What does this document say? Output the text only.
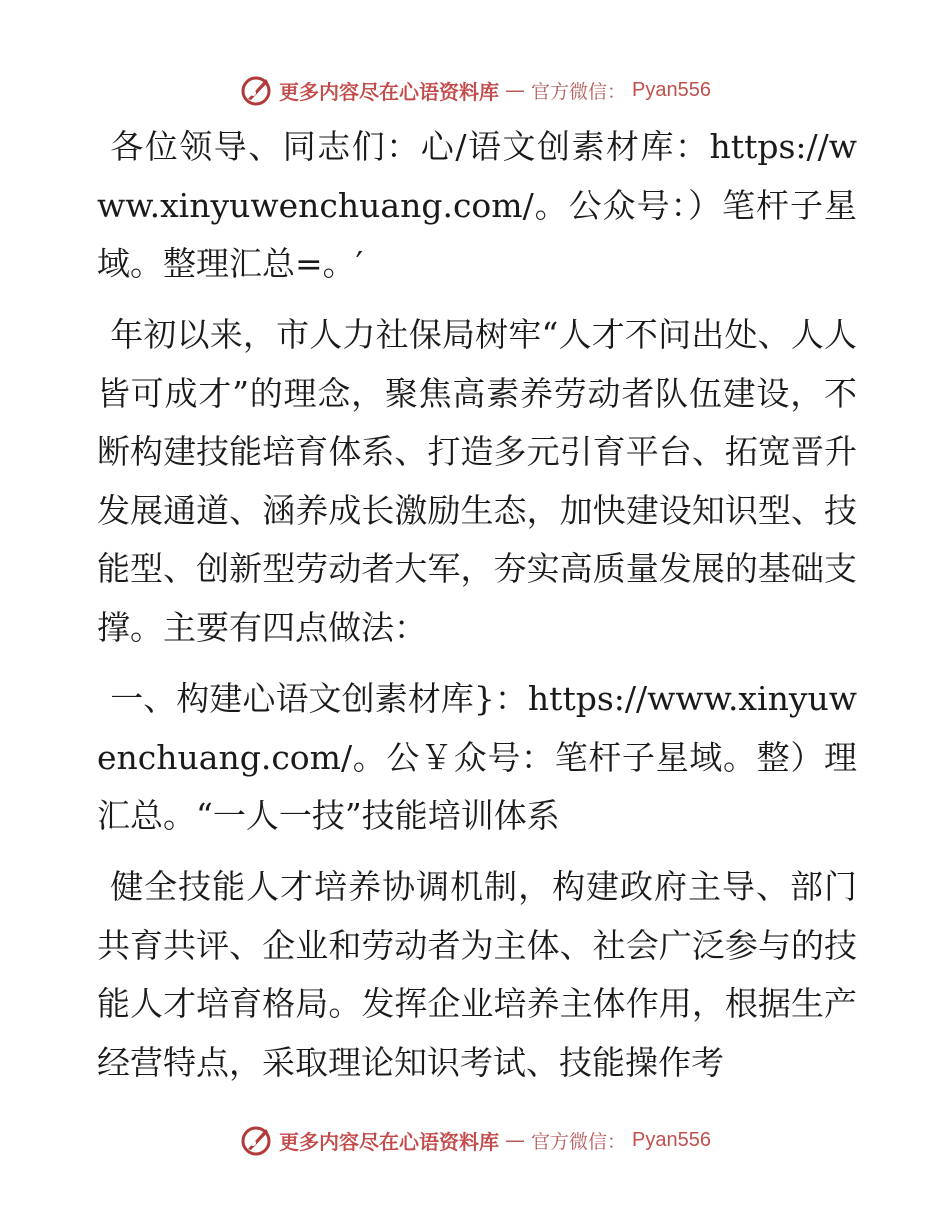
更多内容尽在心语资料库 — 官方微信： Pyan556

各位领导、同志们：心/语文创素材库：https://www.xinyuwenchuang.com/。公众号：）笔杆子星域。整理汇总=。′

年初以来，市人力社保局树牢“人才不问出处、人人皆可成才”的理念，聚焦高素养劳动者队伍建设，不断构建技能培育体系、打造多元引育平台、拓宽晋升发展通道、涵养成长激励生态，加快建设知识型、技能型、创新型劳动者大军，夯实高质量发展的基础支撑。主要有四点做法：

一、构建心语文创素材库}：https://www.xinyuwenchuang.com/。公￥众号：笔杆子星域。整）理汇总。“一人一技”技能培训体系

健全技能人才培养协调机制，构建政府主导、部门共育共评、企业和劳动者为主体、社会广泛参与的技能人才培育格局。发挥企业培养主体作用，根据生产经营特点，采取理论知识考试、技能操作考

更多内容尽在心语资料库 — 官方微信： Pyan556
